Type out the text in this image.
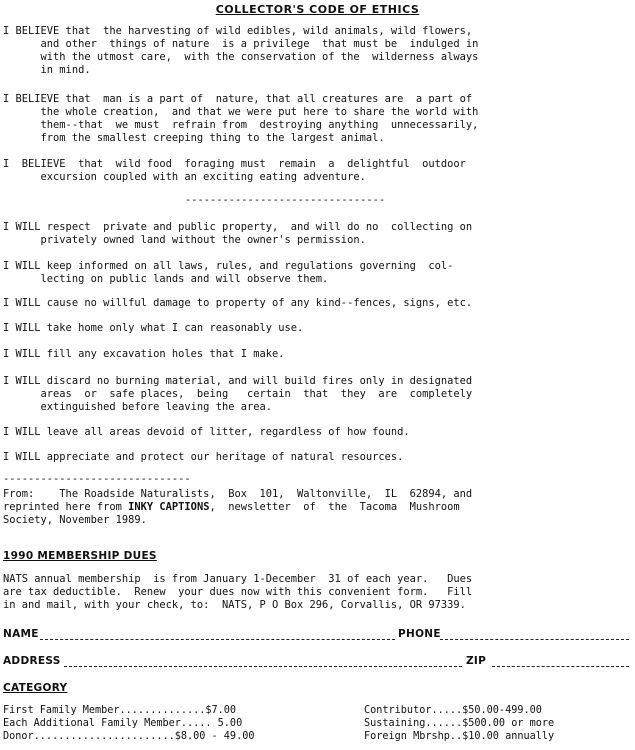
COLLECTOR'S CODE OF ETHICS
I BELIEVE that  the harvesting of wild edibles, wild animals, wild flowers,
and other  things of nature  is a privilege  that must be  indulged in
with the utmost care,  with the conservation of the  wilderness always
in mind.
I BELIEVE that  man is a part of  nature, that all creatures are  a part of
the whole creation,  and that we were put here to share the world with
them--that  we must  refrain from  destroying anything  unnecessarily,
from the smallest creeping thing to the largest animal.
I  BELIEVE  that  wild food  foraging must  remain  a  delightful  outdoor
excursion coupled with an exciting eating adventure.
--------------------------------
I WILL respect  private and public property,  and will do no  collecting on
privately owned land without the owner's permission.
I WILL keep informed on all laws, rules, and regulations governing  col-
lecting on public lands and will observe them.
I WILL cause no willful damage to property of any kind--fences, signs, etc.
I WILL take home only what I can reasonably use.
I WILL fill any excavation holes that I make.
I WILL discard no burning material, and will build fires only in designated
areas  or  safe places,  being   certain  that  they  are  completely
extinguished before leaving the area.
I WILL leave all areas devoid of litter, regardless of how found.
I WILL appreciate and protect our heritage of natural resources.
------------------------------
From:    The Roadside Naturalists,  Box  101,  Waltonville,  IL  62894, and
reprinted here from INKY CAPTIONS,  newsletter  of  the  Tacoma  Mushroom
Society, November 1989.
1990 MEMBERSHIP DUES
NATS annual membership  is from January 1-December  31 of each year.   Dues
are tax deductible.  Renew  your dues now with this convenient form.   Fill
in and mail, with your check, to:  NATS, P O Box 296, Corvallis, OR 97339.
NAME	PHONE
ADDRESS	ZIP
CATEGORY
First Family Member..............$7.00
Each Additional Family Member..... 5.00
Donor.......................$8.00 - 49.00
Contributor.....$50.00-499.00
Sustaining......$500.00 or more
Foreign Mbrshp..$10.00 annually
